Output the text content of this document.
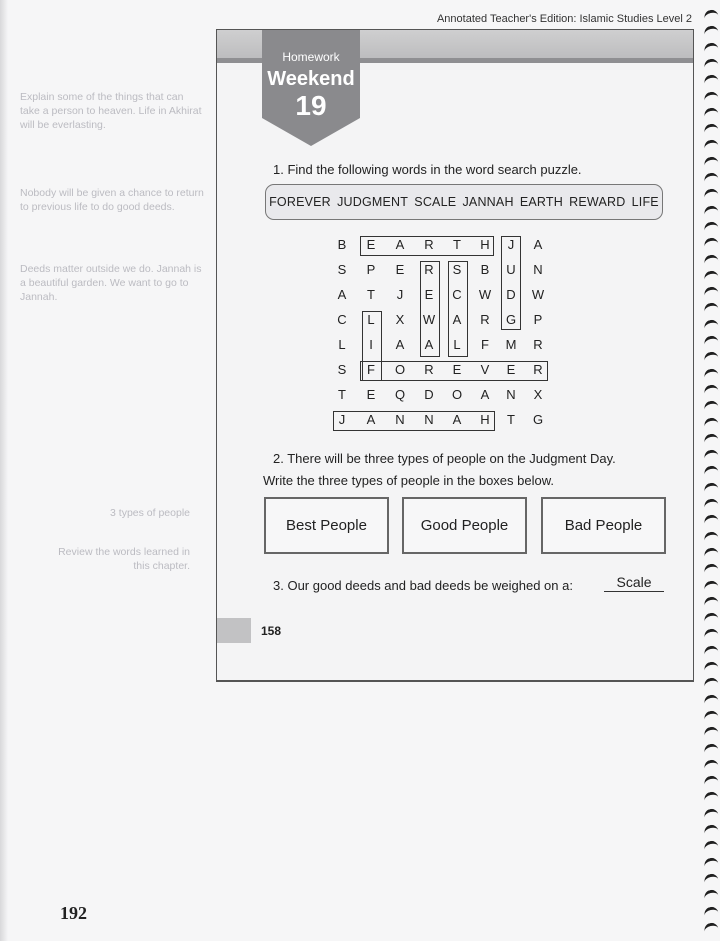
Annotated Teacher's Edition: Islamic Studies Level 2
Explain some of the things that can take a person to heaven. Life in Akhirat will be everlasting.
Nobody will be given a chance to return to previous life to do good deeds.
Deeds matter outside we do. Jannah is a beautiful garden. We want to go to Jannah.
3 types of people
Review the words learned in this chapter.
Homework
Weekend
19
1. Find the following words in the word search puzzle.
FOREVER JUDGMENT SCALE JANNAH EARTH REWARD LIFE
B	E	A	R	T	H	J	A
S	P	E	R	S	B	U	N
A	T	J	E	C	W	D	W
C	L	X	W	A	R	G	P
L	I	A	A	L	F	M	R
S	F	O	R	E	V	E	R
T	E	Q	D	O	A	N	X
J	A	N	N	A	H	T	G
2. There will be three types of people on the Judgment Day.
Write the three types of people in the boxes below.
Best People	Good People	Bad People
3. Our good deeds and bad deeds be weighed on a:	Scale
158
192
